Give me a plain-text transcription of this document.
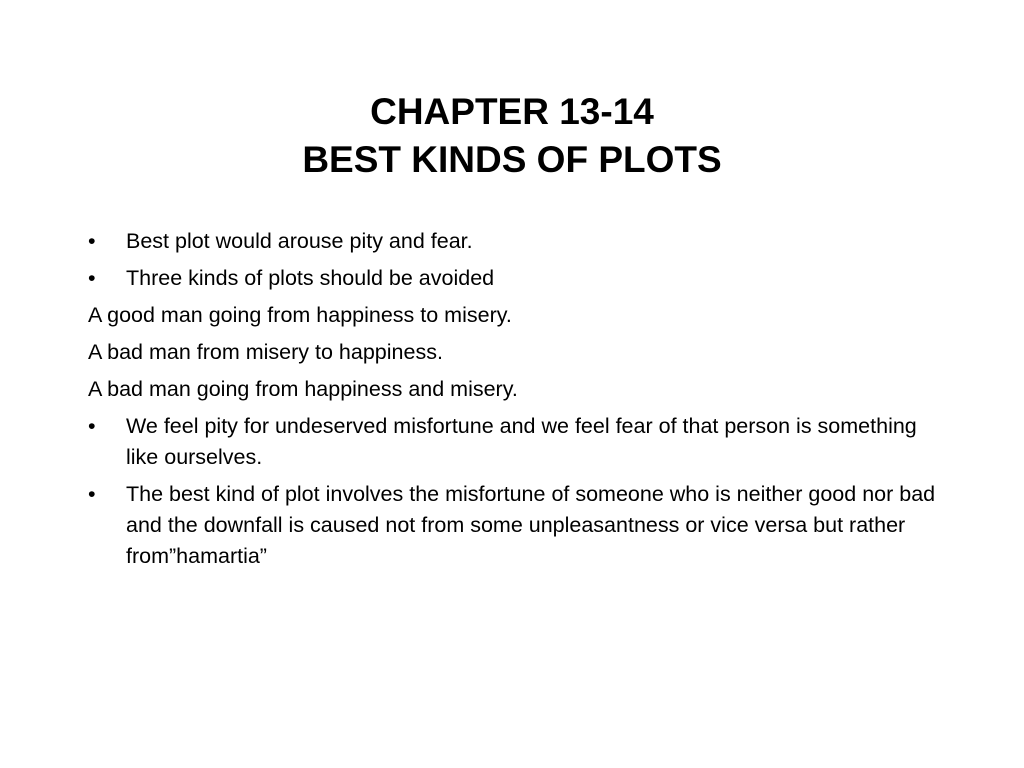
CHAPTER 13-14
BEST KINDS OF PLOTS
•	Best plot would arouse pity and fear.
•	Three kinds of plots should be avoided
A good man going from happiness to misery.
A bad man from misery to happiness.
A bad man going from happiness and misery.
•	We feel pity for undeserved misfortune and we feel fear of that person is something like ourselves.
•	The best kind of plot involves the misfortune of someone who is neither good nor bad and the downfall is caused not from some unpleasantness or vice versa but rather from”hamartia”
